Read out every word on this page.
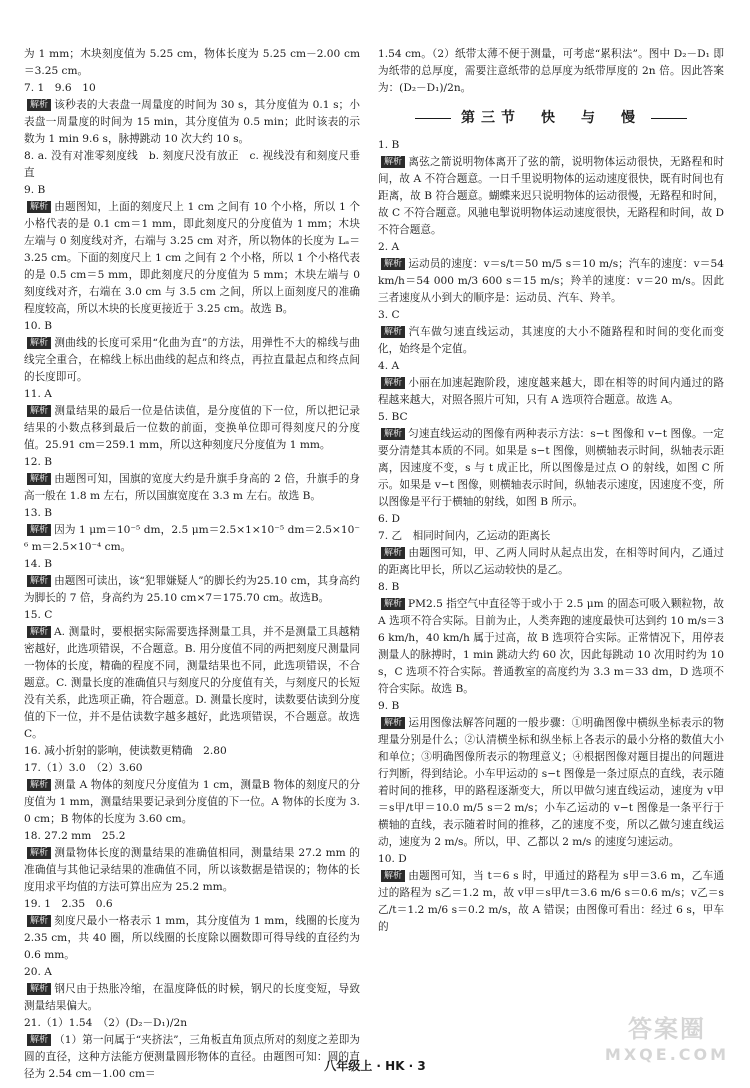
为 1 mm；木块刻度值为 5.25 cm，物体长度为 5.25 cm－2.00 cm＝3.25 cm。

7. 1　9.6　10

解析 该秒表的大表盘一周量度的时间为 30 s，其分度值为 0.1 s；小表盘一周量度的时间为 15 min，其分度值为 0.5 min；此时该表的示数为 1 min 9.6 s，脉搏跳动 10 次大约 10 s。

8. a. 没有对准零刻度线　b. 刻度尺没有放正　c. 视线没有和刻度尺垂直

9. B

解析 由题图知，上面的刻度尺上 1 cm 之间有 10 个小格，所以 1 个小格代表的是 0.1 cm＝1 mm，即此刻度尺的分度值为 1 mm；木块左端与 0 刻度线对齐，右端与 3.25 cm 对齐，所以物体的长度为 Lₐ＝3.25 cm。下面的刻度尺上 1 cm 之间有 2 个小格，所以 1 个小格代表的是 0.5 cm＝5 mm，即此刻度尺的分度值为 5 mm；木块左端与 0 刻度线对齐，右端在 3.0 cm 与 3.5 cm 之间，所以上面刻度尺的准确程度较高，所以木块的长度更接近于 3.25 cm。故选 B。

10. B

解析 测曲线的长度可采用“化曲为直”的方法，用弹性不大的棉线与曲线完全重合，在棉线上标出曲线的起点和终点，再拉直量起点和终点间的长度即可。

11. A

解析 测量结果的最后一位是估读值，是分度值的下一位，所以把记录结果的小数点移到最后一位数的前面，变换单位即可得刻度尺的分度值。25.91 cm＝259.1 mm，所以这种刻度尺分度值为 1 mm。

12. B

解析 由题图可知，国旗的宽度大约是升旗手身高的 2 倍，升旗手的身高一般在 1.8 m 左右，所以国旗宽度在 3.3 m 左右。故选 B。

13. B

解析 因为 1 μm＝10⁻⁵ dm，2.5 μm＝2.5×1×10⁻⁵ dm＝2.5×10⁻⁶ m＝2.5×10⁻⁴ cm。

14. B

解析 由题图可读出，该“犯罪嫌疑人”的脚长约为25.10 cm，其身高约为脚长的 7 倍，身高约为 25.10 cm×7＝175.70 cm。故选B。

15. C

解析 A. 测量时，要根据实际需要选择测量工具，并不是测量工具越精密越好，此选项错误，不合题意。B. 用分度值不同的两把刻度尺测量同一物体的长度，精确的程度不同，测量结果也不同，此选项错误，不合题意。C. 测量长度的准确值只与刻度尺的分度值有关，与刻度尺的长短没有关系，此选项正确，符合题意。D. 测量长度时，读数要估读到分度值的下一位，并不是估读数字越多越好，此选项错误，不合题意。故选 C。

16. 减小折射的影响，使读数更精确　2.80

17.（1）3.0　（2）3.60

解析 测量 A 物体的刻度尺分度值为 1 cm，测量B 物体的刻度尺的分度值为 1 mm，测量结果要记录到分度值的下一位。A 物体的长度为 3.0 cm；B 物体的长度为 3.60 cm。

18. 27.2 mm　25.2

解析 测量物体长度的测量结果的准确值相同，测量结果 27.2 mm 的准确值与其他记录结果的准确值不同，所以该数据是错误的；物体的长度用求平均值的方法可算出应为 25.2 mm。

19. 1　2.35　0.6

解析 刻度尺最小一格表示 1 mm，其分度值为 1 mm，线圈的长度为 2.35 cm，共 40 圈，所以线圈的长度除以圈数即可得导线的直径约为 0.6 mm。

20. A

解析 钢尺由于热胀冷缩，在温度降低的时候，钢尺的长度变短，导致测量结果偏大。

21.（1）1.54　（2）(D₂－D₁)/2n

解析 （1）第一问属于“夹挤法”，三角板直角顶点所对的刻度之差即为圆的直径，这种方法能方便测量圆形物体的直径。由题图可知：圆的直径为 2.54 cm－1.00 cm＝

1.54 cm。（2）纸带太薄不便于测量，可考虑“累积法”。图中 D₂－D₁ 即为纸带的总厚度，需要注意纸带的总厚度为纸带厚度的 2n 倍。因此答案为：(D₂－D₁)/2n。

第三节　快　与　慢

1. B

解析 离弦之箭说明物体离开了弦的箭，说明物体运动很快，无路程和时间，故 A 不符合题意。一日千里说明物体的运动速度很快，既有时间也有距离，故 B 符合题意。蝴蝶来迟只说明物体的运动很慢，无路程和时间，故 C 不符合题意。风驰电掣说明物体运动速度很快，无路程和时间，故 D 不符合题意。

2. A

解析 运动员的速度：v＝s/t＝50 m/5 s＝10 m/s；汽车的速度：v＝54 km/h＝54 000 m/3 600 s＝15 m/s；羚羊的速度：v＝20 m/s。因此三者速度从小到大的顺序是：运动员、汽车、羚羊。

3. C

解析 汽车做匀速直线运动，其速度的大小不随路程和时间的变化而变化，始终是个定值。

4. A

解析 小丽在加速起跑阶段，速度越来越大，即在相等的时间内通过的路程越来越大，对照各照片可知，只有 A 选项符合题意。故选 A。

5. BC

解析 匀速直线运动的图像有两种表示方法：s−t 图像和 v−t 图像。一定要分清楚其本质的不同。如果是 s−t 图像，则横轴表示时间，纵轴表示距离，因速度不变，s 与 t 成正比，所以图像是过点 O 的射线，如图 C 所示。如果是 v−t 图像，则横轴表示时间，纵轴表示速度，因速度不变，所以图像是平行于横轴的射线，如图 B 所示。

6. D

7. 乙　相同时间内，乙运动的距离长

解析 由题图可知，甲、乙两人同时从起点出发，在相等时间内，乙通过的距离比甲长，所以乙运动较快的是乙。

8. B

解析 PM2.5 指空气中直径等于或小于 2.5 μm 的固态可吸入颗粒物，故 A 选项不符合实际。目前为止，人类奔跑的速度最快可达到约 10 m/s＝36 km/h，40 km/h 属于过高，故 B 选项符合实际。正常情况下，用停表测量人的脉搏时，1 min 跳动大约 60 次，因此每跳动 10 次用时约为 10 s，C 选项不符合实际。普通教室的高度约为 3.3 m＝33 dm，D 选项不符合实际。故选 B。

9. B

解析 运用图像法解答问题的一般步骤：①明确图像中横纵坐标表示的物理量分别是什么；②认清横坐标和纵坐标上各表示的最小分格的数值大小和单位；③明确图像所表示的物理意义；④根据图像对题目提出的问题进行判断，得到结论。小车甲运动的 s−t 图像是一条过原点的直线，表示随着时间的推移，甲的路程逐渐变大，所以甲做匀速直线运动，速度为 v甲＝s甲/t甲＝10.0 m/5 s＝2 m/s；小车乙运动的 v−t 图像是一条平行于横轴的直线，表示随着时间的推移，乙的速度不变，所以乙做匀速直线运动，速度为 2 m/s。所以，甲、乙都以 2 m/s 的速度匀速运动。

10. D

解析 由题图可知，当 t＝6 s 时，甲通过的路程为 s甲＝3.6 m，乙车通过的路程为 s乙＝1.2 m，故 v甲＝s甲/t＝3.6 m/6 s＝0.6 m/s；v乙＝s乙/t＝1.2 m/6 s＝0.2 m/s，故 A 错误；由图像可看出：经过 6 s，甲车的

八年级上 · HK · 3
答案圈
MXQE.COM
